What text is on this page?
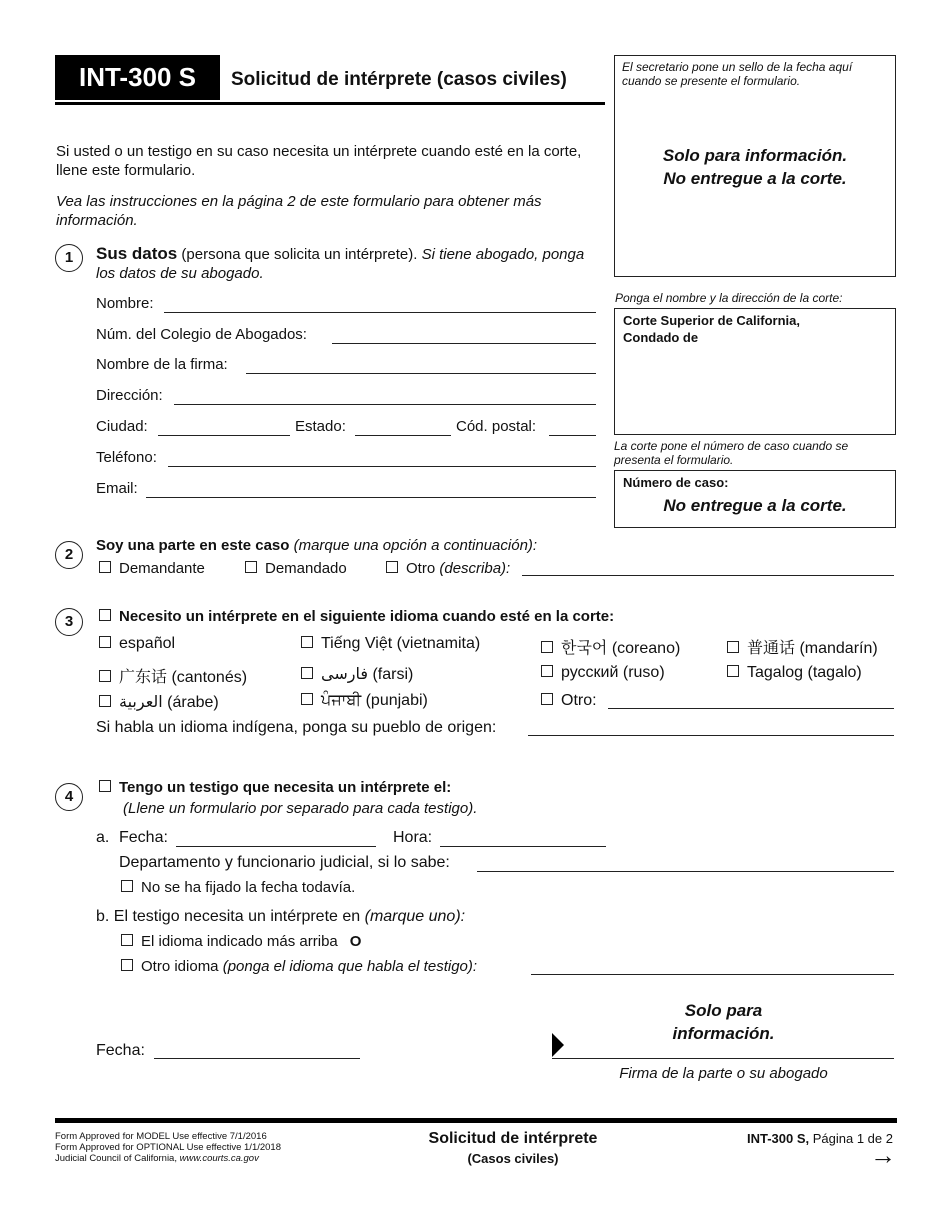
INT-300 S	Solicitud de intérprete (casos civiles)
El secretario pone un sello de la fecha aquí cuando se presente el formulario.
Solo para información.
No entregue a la corte.
Ponga el nombre y la dirección de la corte:
Corte Superior de California,
Condado de
La corte pone el número de caso cuando se presenta el formulario.
Número de caso:
No entregue a la corte.
Si usted o un testigo en su caso necesita un intérprete cuando esté en la corte, llene este formulario.
Vea las instrucciones en la página 2 de este formulario para obtener más información.
1	Sus datos (persona que solicita un intérprete). Si tiene abogado, ponga los datos de su abogado.
Nombre:
Núm. del Colegio de Abogados:
Nombre de la firma:
Dirección:
Ciudad:	Estado:	Cód. postal:
Teléfono:
Email:
2
Soy una parte en este caso (marque una opción a continuación):
Demandante	Demandado	Otro (describa):
3	Necesito un intérprete en el siguiente idioma cuando esté en la corte:
español	Tiếng Việt (vietnamita)	한국어 (coreano)	普通话 (mandarín)
广东话 (cantonés)	فارسی (farsi)	русский (ruso)	Tagalog (tagalo)
العربية (árabe)	ਪੰਜਾਬੀ (punjabi)	Otro:
Si habla un idioma indígena, ponga su pueblo de origen:
4
Tengo un testigo que necesita un intérprete el:
(Llene un formulario por separado para cada testigo).
a. Fecha:	Hora:
Departamento y funcionario judicial, si lo sabe:
No se ha fijado la fecha todavía.
b. El testigo necesita un intérprete en (marque uno):
El idioma indicado más arriba O
Otro idioma (ponga el idioma que habla el testigo):
Solo para
información.
Firma de la parte o su abogado
Fecha:
Form Approved for MODEL Use effective 7/1/2016
Form Approved for OPTIONAL Use effective 1/1/2018
Judicial Council of California, www.courts.ca.gov
Solicitud de intérprete
(Casos civiles)
INT-300 S, Página 1 de 2
→
